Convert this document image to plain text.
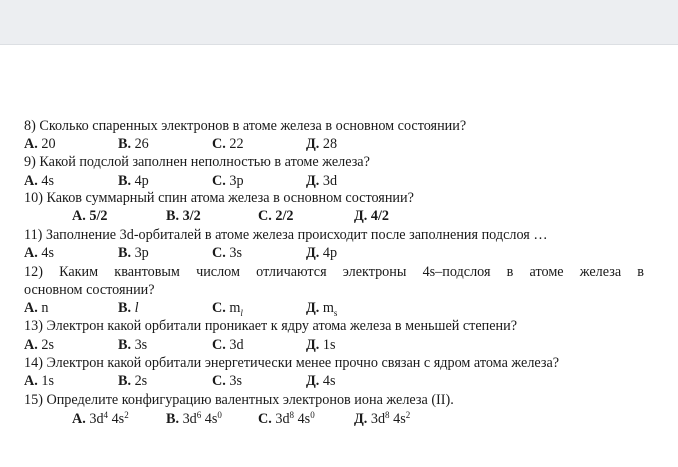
8) Сколько спаренных электронов в атоме железа в основном состоянии?
А. 20	В. 26	С. 22	Д. 28
9) Какой подслой заполнен неполностью в атоме железа?
А. 4s	В. 4p	С. 3p	Д. 3d
10) Каков суммарный спин атома железа в основном состоянии?
А. 5/2	В. 3/2	С. 2/2	Д. 4/2
11) Заполнение 3d-орбиталей в атоме железа происходит после заполнения подслоя …
А. 4s	В. 3p	С. 3s	Д. 4p
12) Каким квантовым числом отличаются электроны 4s–подслоя в атоме железа в
основном состоянии?
А. n	В. l	С. $m_l$	Д. $m_s$
13) Электрон какой орбитали проникает к ядру атома железа в меньшей степени?
А. 2s	В. 3s	С. 3d	Д. 1s
14) Электрон какой орбитали энергетически менее прочно связан с ядром атома железа?
А. 1s	В. 2s	С. 3s	Д. 4s
15) Определите конфигурацию валентных электронов иона железа (II).
А. $3d^4$ $4s^2$	В. $3d^6$ $4s^0$	С. $3d^8$ $4s^0$	Д. $3d^8$ $4s^2$
